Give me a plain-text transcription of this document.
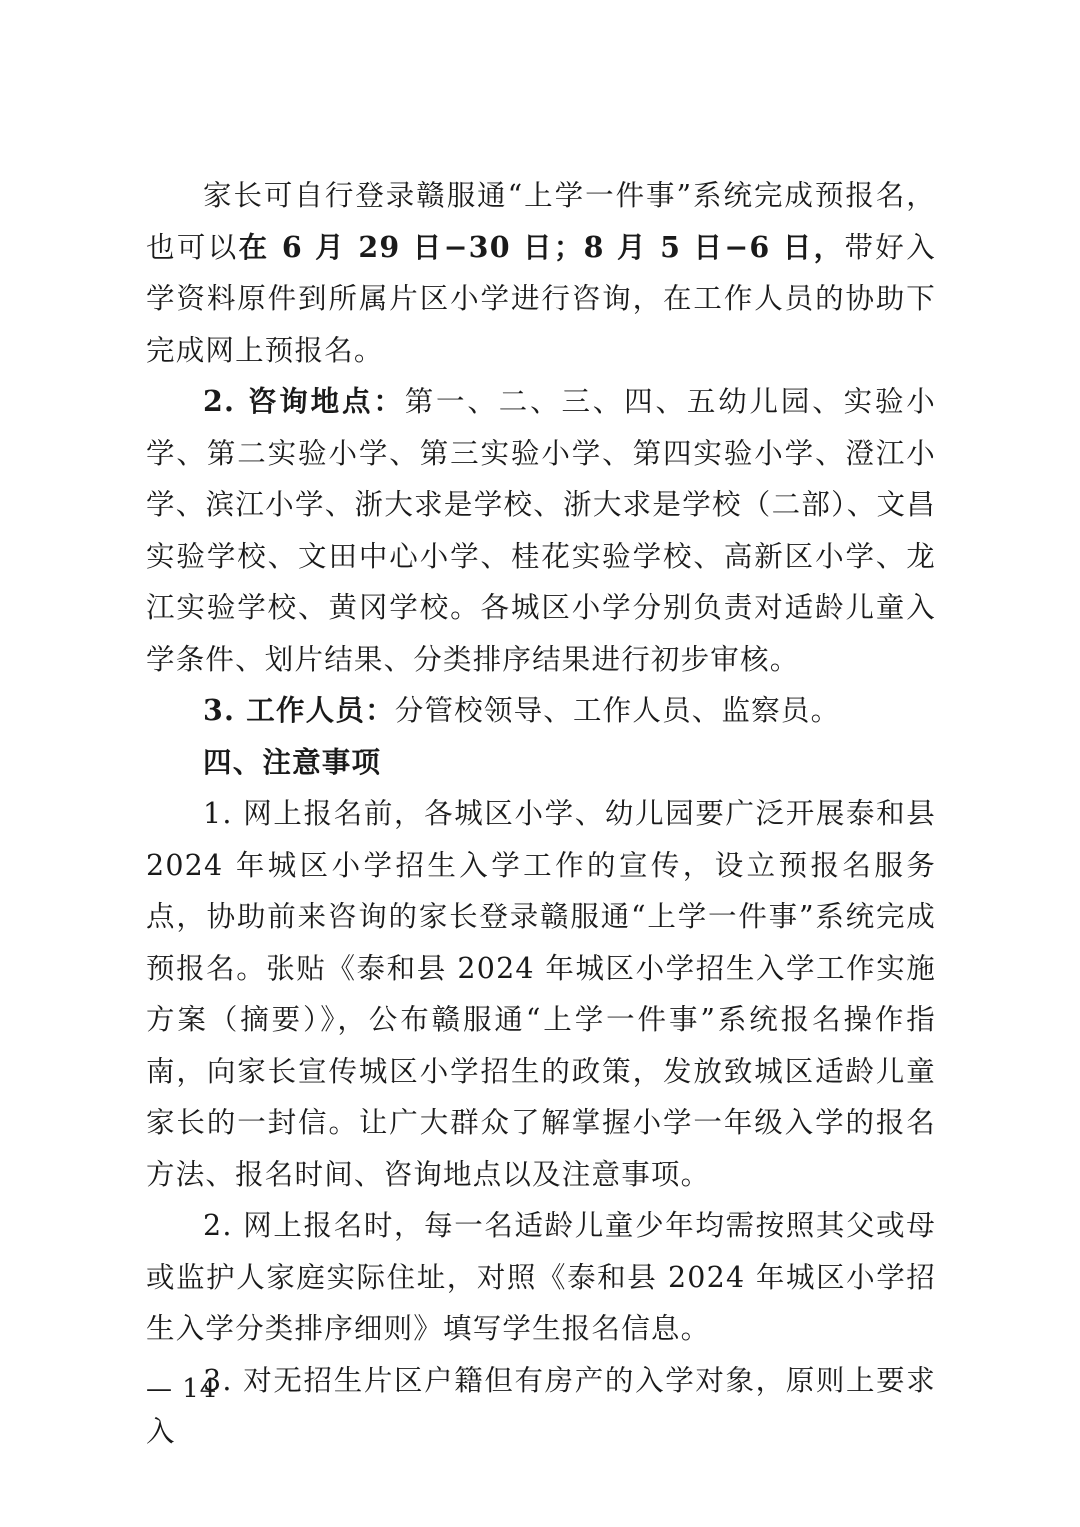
家长可自行登录赣服通“上学一件事”系统完成预报名，也可以在 6 月 29 日−30 日；8 月 5 日−6 日，带好入学资料原件到所属片区小学进行咨询，在工作人员的协助下完成网上预报名。

2. 咨询地点：第一、二、三、四、五幼儿园、实验小学、第二实验小学、第三实验小学、第四实验小学、澄江小学、滨江小学、浙大求是学校、浙大求是学校（二部）、文昌实验学校、文田中心小学、桂花实验学校、高新区小学、龙江实验学校、黄冈学校。各城区小学分别负责对适龄儿童入学条件、划片结果、分类排序结果进行初步审核。

3. 工作人员：分管校领导、工作人员、监察员。

四、注意事项

1. 网上报名前，各城区小学、幼儿园要广泛开展泰和县 2024 年城区小学招生入学工作的宣传，设立预报名服务点，协助前来咨询的家长登录赣服通“上学一件事”系统完成预报名。张贴《泰和县 2024 年城区小学招生入学工作实施方案（摘要）》，公布赣服通“上学一件事”系统报名操作指南，向家长宣传城区小学招生的政策，发放致城区适龄儿童家长的一封信。让广大群众了解掌握小学一年级入学的报名方法、报名时间、咨询地点以及注意事项。

2. 网上报名时，每一名适龄儿童少年均需按照其父或母或监护人家庭实际住址，对照《泰和县 2024 年城区小学招生入学分类排序细则》填写学生报名信息。

3. 对无招生片区户籍但有房产的入学对象，原则上要求入

— 14
